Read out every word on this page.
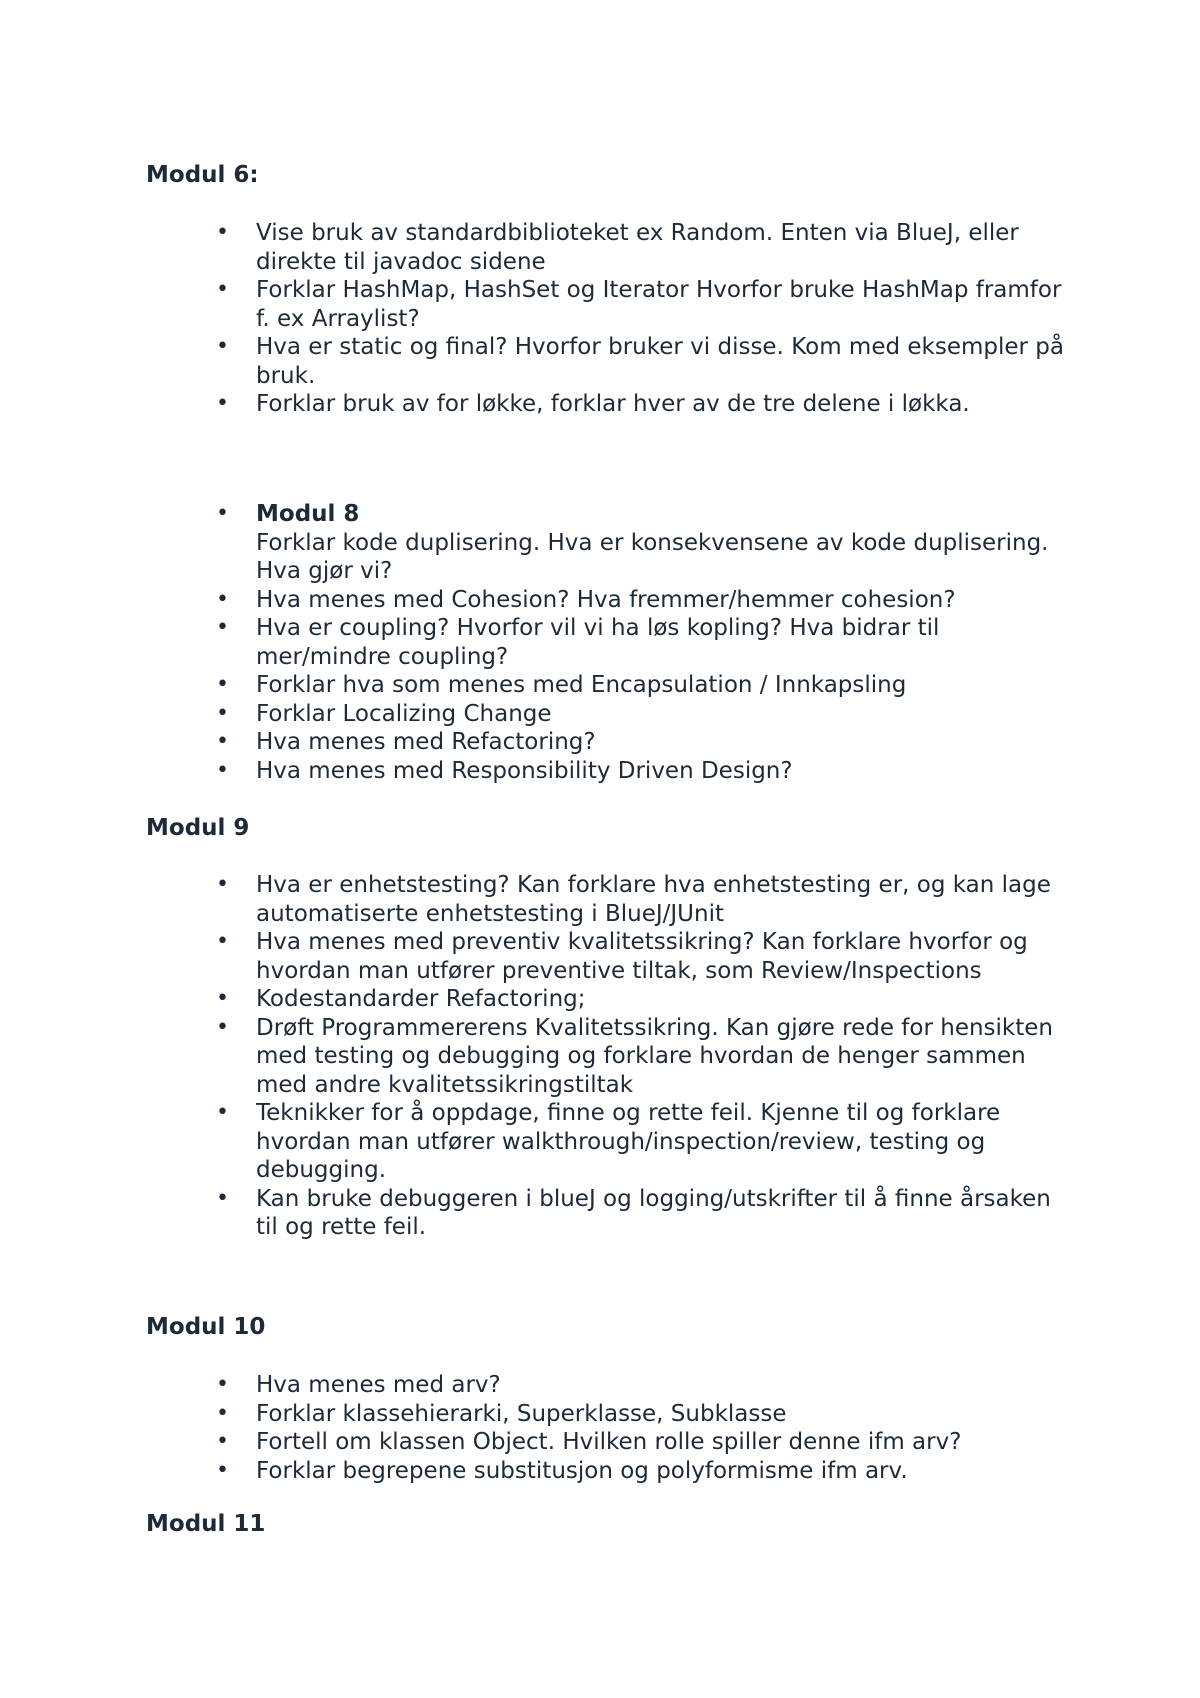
Modul 6:
• Vise bruk av standardbiblioteket ex Random. Enten via BlueJ, eller direkte til javadoc sidene
• Forklar HashMap, HashSet og Iterator Hvorfor bruke HashMap framfor f. ex Arraylist?
• Hva er static og final? Hvorfor bruker vi disse. Kom med eksempler på bruk.
• Forklar bruk av for løkke, forklar hver av de tre delene i løkka.
• Modul 8
Forklar kode duplisering. Hva er konsekvensene av kode duplisering. Hva gjør vi?
• Hva menes med Cohesion? Hva fremmer/hemmer cohesion?
• Hva er coupling? Hvorfor vil vi ha løs kopling? Hva bidrar til mer/mindre coupling?
• Forklar hva som menes med Encapsulation / Innkapsling
• Forklar Localizing Change
• Hva menes med Refactoring?
• Hva menes med Responsibility Driven Design?
Modul 9
• Hva er enhetstesting? Kan forklare hva enhetstesting er, og kan lage automatiserte enhetstesting i BlueJ/JUnit
• Hva menes med preventiv kvalitetssikring? Kan forklare hvorfor og hvordan man utfører preventive tiltak, som Review/Inspections
• Kodestandarder Refactoring;
• Drøft Programmererens Kvalitetssikring. Kan gjøre rede for hensikten med testing og debugging og forklare hvordan de henger sammen med andre kvalitetssikringstiltak
• Teknikker for å oppdage, finne og rette feil. Kjenne til og forklare hvordan man utfører walkthrough/inspection/review, testing og debugging.
• Kan bruke debuggeren i blueJ og logging/utskrifter til å finne årsaken til og rette feil.
Modul 10
• Hva menes med arv?
• Forklar klassehierarki, Superklasse, Subklasse
• Fortell om klassen Object. Hvilken rolle spiller denne ifm arv?
• Forklar begrepene substitusjon og polyformisme ifm arv.
Modul 11
